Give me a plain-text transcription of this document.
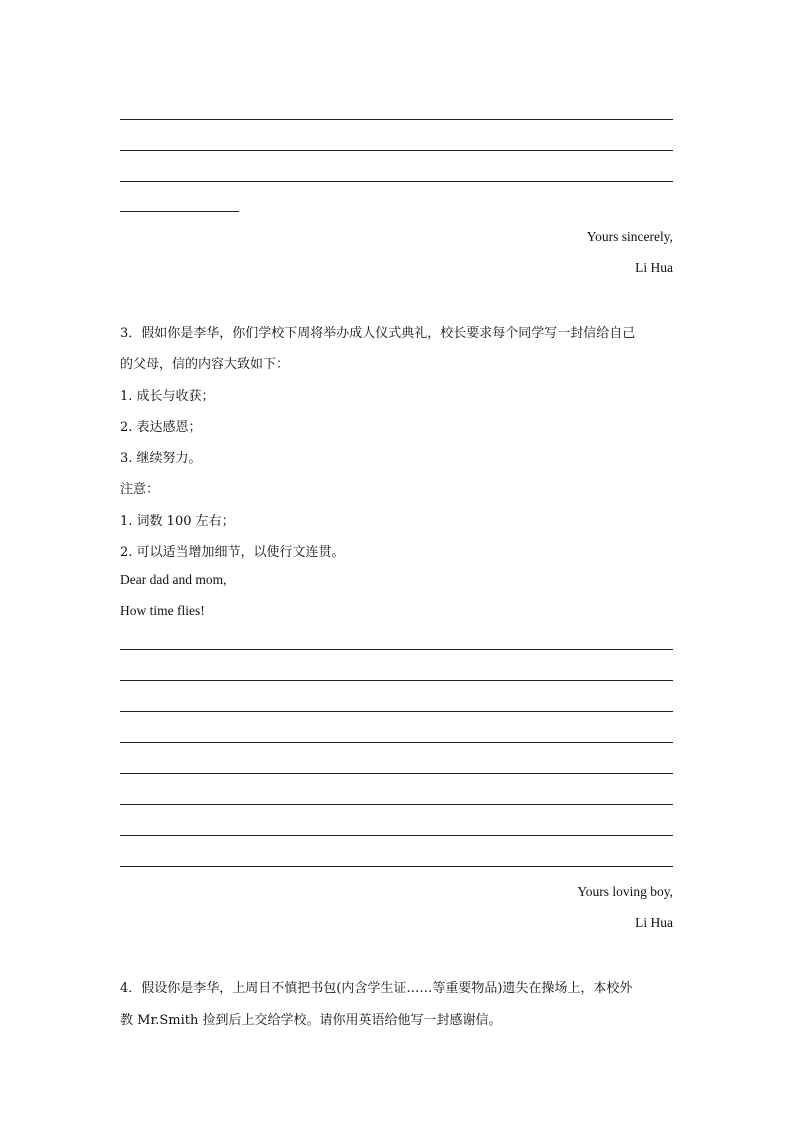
Yours sincerely,
Li Hua
3．假如你是李华，你们学校下周将举办成人仪式典礼，校长要求每个同学写一封信给自己
的父母，信的内容大致如下：
1. 成长与收获；
2. 表达感恩；
3. 继续努力。
注意：
1. 词数 100 左右；
2. 可以适当增加细节，以使行文连贯。
Dear dad and mom,
How time flies!
Yours loving boy,
Li Hua
4．假设你是李华，上周日不慎把书包(内含学生证……等重要物品)遗失在操场上，本校外
教 Mr.Smith 捡到后上交给学校。请你用英语给他写一封感谢信。
